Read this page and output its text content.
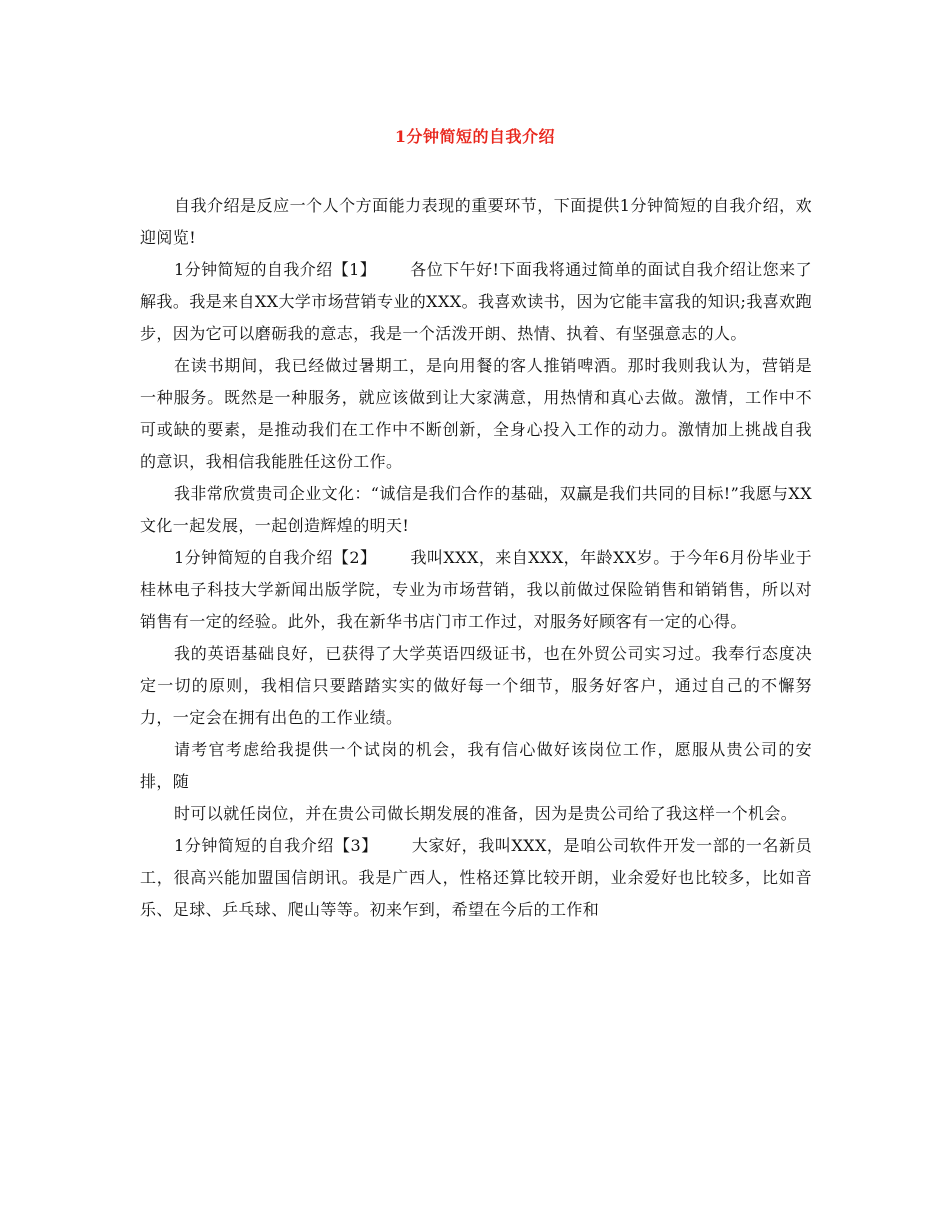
1分钟简短的自我介绍

自我介绍是反应一个人个方面能力表现的重要环节，下面提供1分钟简短的自我介绍，欢迎阅览!

1分钟简短的自我介绍【1】 各位下午好!下面我将通过简单的面试自我介绍让您来了解我。我是来自XX大学市场营销专业的XXX。我喜欢读书，因为它能丰富我的知识;我喜欢跑步，因为它可以磨砺我的意志，我是一个活泼开朗、热情、执着、有坚强意志的人。

在读书期间，我已经做过暑期工，是向用餐的客人推销啤酒。那时我则我认为，营销是一种服务。既然是一种服务，就应该做到让大家满意，用热情和真心去做。激情，工作中不可或缺的要素，是推动我们在工作中不断创新，全身心投入工作的动力。激情加上挑战自我的意识，我相信我能胜任这份工作。

我非常欣赏贵司企业文化：“诚信是我们合作的基础，双赢是我们共同的目标!”我愿与XX文化一起发展，一起创造辉煌的明天!

1分钟简短的自我介绍【2】 我叫XXX，来自XXX，年龄XX岁。于今年6月份毕业于桂林电子科技大学新闻出版学院，专业为市场营销，我以前做过保险销售和销销售，所以对销售有一定的经验。此外，我在新华书店门市工作过，对服务好顾客有一定的心得。

我的英语基础良好，已获得了大学英语四级证书，也在外贸公司实习过。我奉行态度决定一切的原则，我相信只要踏踏实实的做好每一个细节，服务好客户，通过自己的不懈努力，一定会在拥有出色的工作业绩。

请考官考虑给我提供一个试岗的机会，我有信心做好该岗位工作，愿服从贵公司的安排，随

时可以就任岗位，并在贵公司做长期发展的准备，因为是贵公司给了我这样一个机会。

1分钟简短的自我介绍【3】 大家好，我叫XXX，是咱公司软件开发一部的一名新员工，很高兴能加盟国信朗讯。我是广西人，性格还算比较开朗，业余爱好也比较多，比如音乐、足球、乒乓球、爬山等等。初来乍到，希望在今后的工作和
